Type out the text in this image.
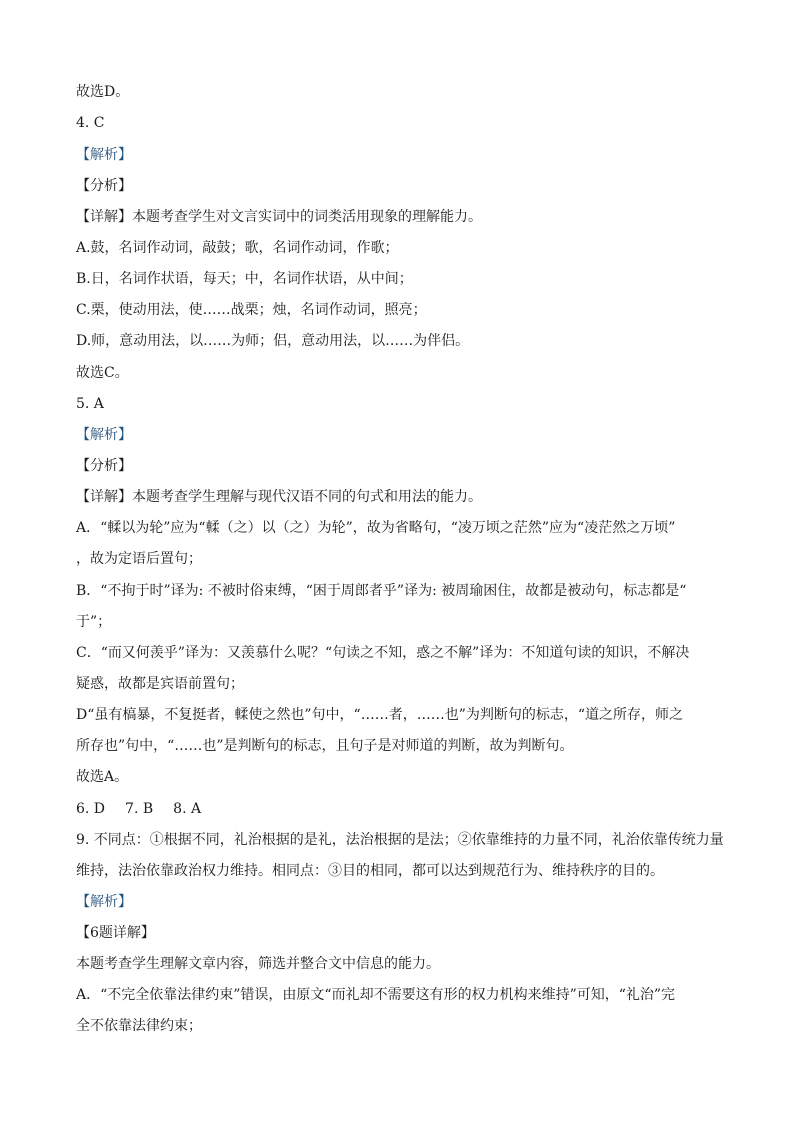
故选D。
4. C
【解析】
【分析】
【详解】本题考查学生对文言实词中的词类活用现象的理解能力。
A.鼓，名词作动词，敲鼓；歌，名词作动词，作歌；
B.日，名词作状语，每天；中，名词作状语，从中间；
C.栗，使动用法，使……战栗；烛，名词作动词，照亮；
D.师，意动用法，以……为师；侣，意动用法，以……为伴侣。
故选C。
5. A
【解析】
【分析】
【详解】本题考查学生理解与现代汉语不同的句式和用法的能力。
A．“輮以为轮”应为“輮（之）以（之）为轮”，故为省略句，“凌万顷之茫然”应为“凌茫然之万顷”
，故为定语后置句；
B．“不拘于时”译为: 不被时俗束缚，“困于周郎者乎”译为: 被周瑜困住，故都是被动句，标志都是“
于”；
C．“而又何羡乎”译为：又羡慕什么呢？“句读之不知，惑之不解”译为：不知道句读的知识，不解决
疑惑，故都是宾语前置句；
D“虽有槁暴，不复挺者，輮使之然也”句中，“……者，……也”为判断句的标志，“道之所存，师之
所存也”句中，“……也”是判断句的标志，且句子是对师道的判断，故为判断句。
故选A。
6. D 7. B 8. A
9. 不同点：①根据不同，礼治根据的是礼，法治根据的是法；②依靠维持的力量不同，礼治依靠传统力量
维持，法治依靠政治权力维持。相同点：③目的相同，都可以达到规范行为、维持秩序的目的。
【解析】
【6题详解】
本题考查学生理解文章内容，筛选并整合文中信息的能力。
A．“不完全依靠法律约束”错误，由原文“而礼却不需要这有形的权力机构来维持”可知，“礼治”完
全不依靠法律约束；
